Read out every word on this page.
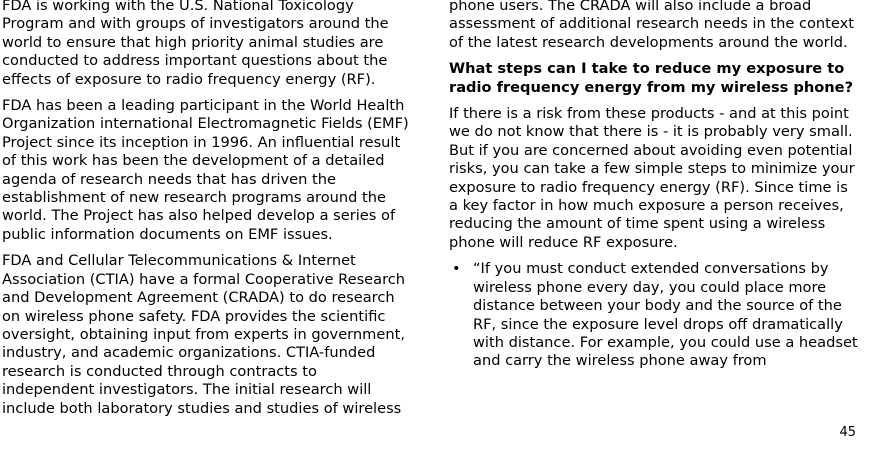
FDA is working with the U.S. National Toxicology Program and with groups of investigators around the world to ensure that high priority animal studies are conducted to address important questions about the effects of exposure to radio frequency energy (RF).

FDA has been a leading participant in the World Health Organization international Electromagnetic Fields (EMF) Project since its inception in 1996. An influential result of this work has been the development of a detailed agenda of research needs that has driven the establishment of new research programs around the world. The Project has also helped develop a series of public information documents on EMF issues.

FDA and Cellular Telecommunications & Internet Association (CTIA) have a formal Cooperative Research and Development Agreement (CRADA) to do research on wireless phone safety. FDA provides the scientific oversight, obtaining input from experts in government, industry, and academic organizations. CTIA-funded research is conducted through contracts to independent investigators. The initial research will include both laboratory studies and studies of wireless

phone users. The CRADA will also include a broad assessment of additional research needs in the context of the latest research developments around the world.

What steps can I take to reduce my exposure to radio frequency energy from my wireless phone?

If there is a risk from these products - and at this point we do not know that there is - it is probably very small. But if you are concerned about avoiding even potential risks, you can take a few simple steps to minimize your exposure to radio frequency energy (RF). Since time is a key factor in how much exposure a person receives, reducing the amount of time spent using a wireless phone will reduce RF exposure.

• “If you must conduct extended conversations by wireless phone every day, you could place more distance between your body and the source of the RF, since the exposure level drops off dramatically with distance. For example, you could use a headset and carry the wireless phone away from
45
